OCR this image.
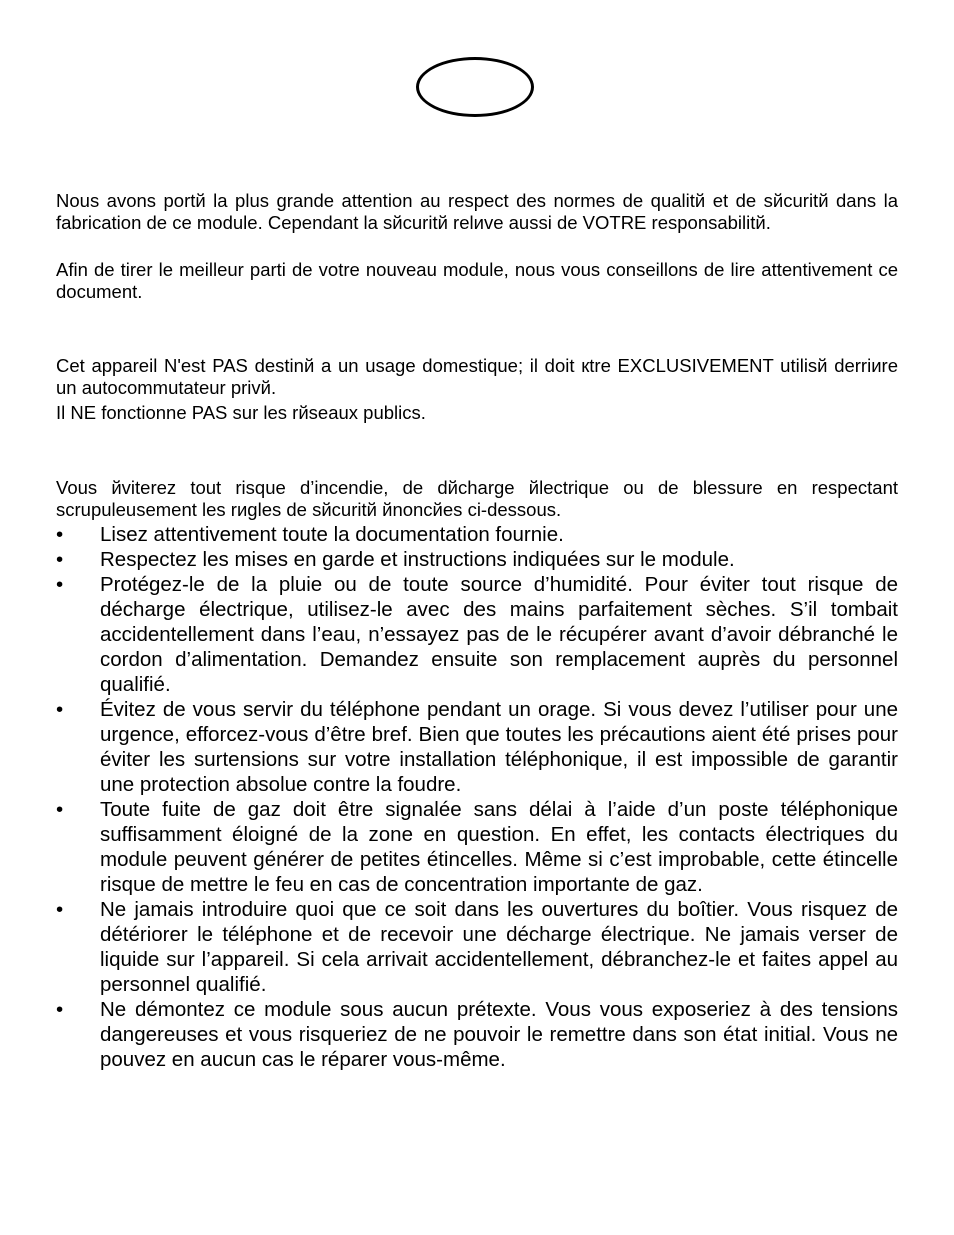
Nous avons portй la plus grande attention au respect des normes de qualitй et de sйcuritй dans la fabrication de ce module. Cependant la sйcuritй relиve aussi de VOTRE responsabilitй.

Afin de tirer le meilleur parti de votre nouveau module, nous vous conseillons de lire attentivement ce document.

Cet appareil N'est PAS destinй a un usage domestique; il doit кtre EXCLUSIVEMENT utilisй derriиre un autocommutateur privй.

Il NE fonctionne PAS sur les rйseaux publics.

Vous йviterez tout risque d’incendie, de dйcharge йlectrique ou de blessure en respectant scrupuleusement les rиgles de sйcuritй йnoncйes ci-dessous.

• Lisez attentivement toute la documentation fournie.
• Respectez les mises en garde et instructions indiquées sur le module.
• Protégez-le de la pluie ou de toute source d’humidité. Pour éviter tout risque de décharge électrique, utilisez-le avec des mains parfaitement sèches. S’il tombait accidentellement dans l’eau, n’essayez pas de le récupérer avant d’avoir débranché le cordon d’alimentation. Demandez ensuite son remplacement auprès du personnel qualifié.
• Évitez de vous servir du téléphone pendant un orage. Si vous devez l’utiliser pour une urgence, efforcez-vous d’être bref. Bien que toutes les précautions aient été prises pour éviter les surtensions sur votre installation téléphonique, il est impossible de garantir une protection absolue contre la foudre.
• Toute fuite de gaz doit être signalée sans délai à l’aide d’un poste téléphonique suffisamment éloigné de la zone en question. En effet, les contacts électriques du module peuvent générer de petites étincelles. Même si c’est improbable, cette étincelle risque de mettre le feu en cas de concentration importante de gaz.
• Ne jamais introduire quoi que ce soit dans les ouvertures du boîtier. Vous risquez de détériorer le téléphone et de recevoir une décharge électrique. Ne jamais verser de liquide sur l’appareil. Si cela arrivait accidentellement, débranchez-le et faites appel au personnel qualifié.
• Ne démontez ce module sous aucun prétexte. Vous vous exposeriez à des tensions dangereuses et vous risqueriez de ne pouvoir le remettre dans son état initial. Vous ne pouvez en aucun cas le réparer vous-même.
